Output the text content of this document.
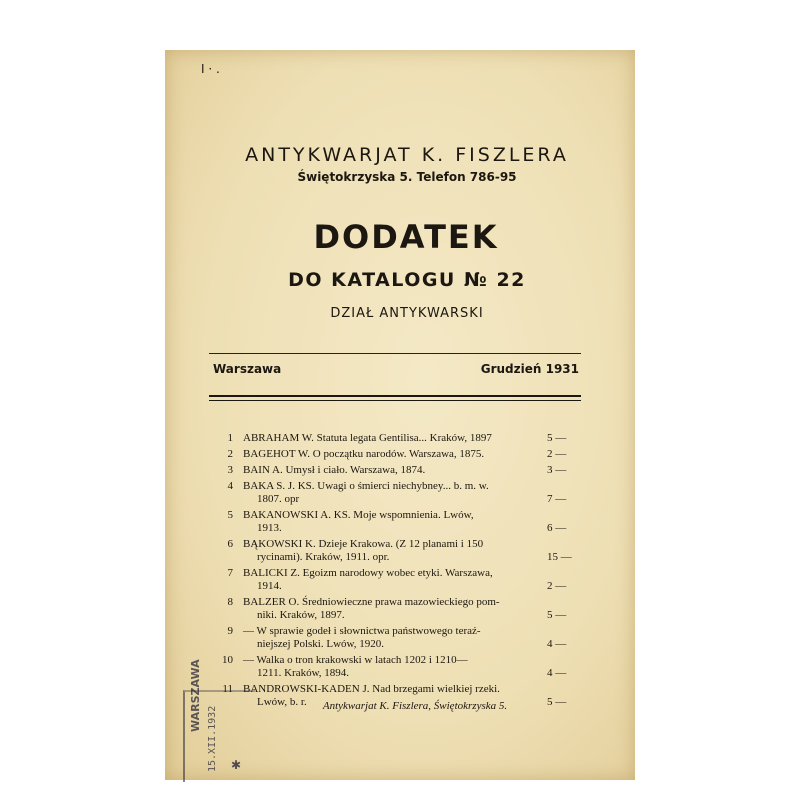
I · .
ANTYKWARJAT K. FISZLERA
Świętokrzyska 5. Telefon 786-95
DODATEK
DO KATALOGU № 22
DZIAŁ ANTYKWARSKI
Warszawa	Grudzień 1931
1 ABRAHAM W. Statuta legata Gentilisa... Kraków, 1897	5 —
2 BAGEHOT W. O początku narodów. Warszawa, 1875.	2 —
3 BAIN A. Umysł i ciało. Warszawa, 1874.	3 —
4 BAKA S. J. KS. Uwagi o śmierci niechybney... b. m. w.
1807. opr	7 —
5 BAKANOWSKI A. KS. Moje wspomnienia. Lwów,
1913.	6 —
6 BĄKOWSKI K. Dzieje Krakowa. (Z 12 planami i 150
rycinami). Kraków, 1911. opr.	15 —
7 BALICKI Z. Egoizm narodowy wobec etyki. Warszawa,
1914.	2 —
8 BALZER O. Średniowieczne prawa mazowieckiego pom-
niki. Kraków, 1897.	5 —
9 — W sprawie godeł i słownictwa państwowego teraź-
niejszej Polski. Lwów, 1920.	4 —
10 — Walka o tron krakowski w latach 1202 i 1210—
1211. Kraków, 1894.	4 —
11 BANDROWSKI-KADEN J. Nad brzegami wielkiej rzeki.
Lwów, b. r.	5 —
Antykwarjat K. Fiszlera, Świętokrzyska 5.
WARSZAWA
15.XII.1932 ✱
